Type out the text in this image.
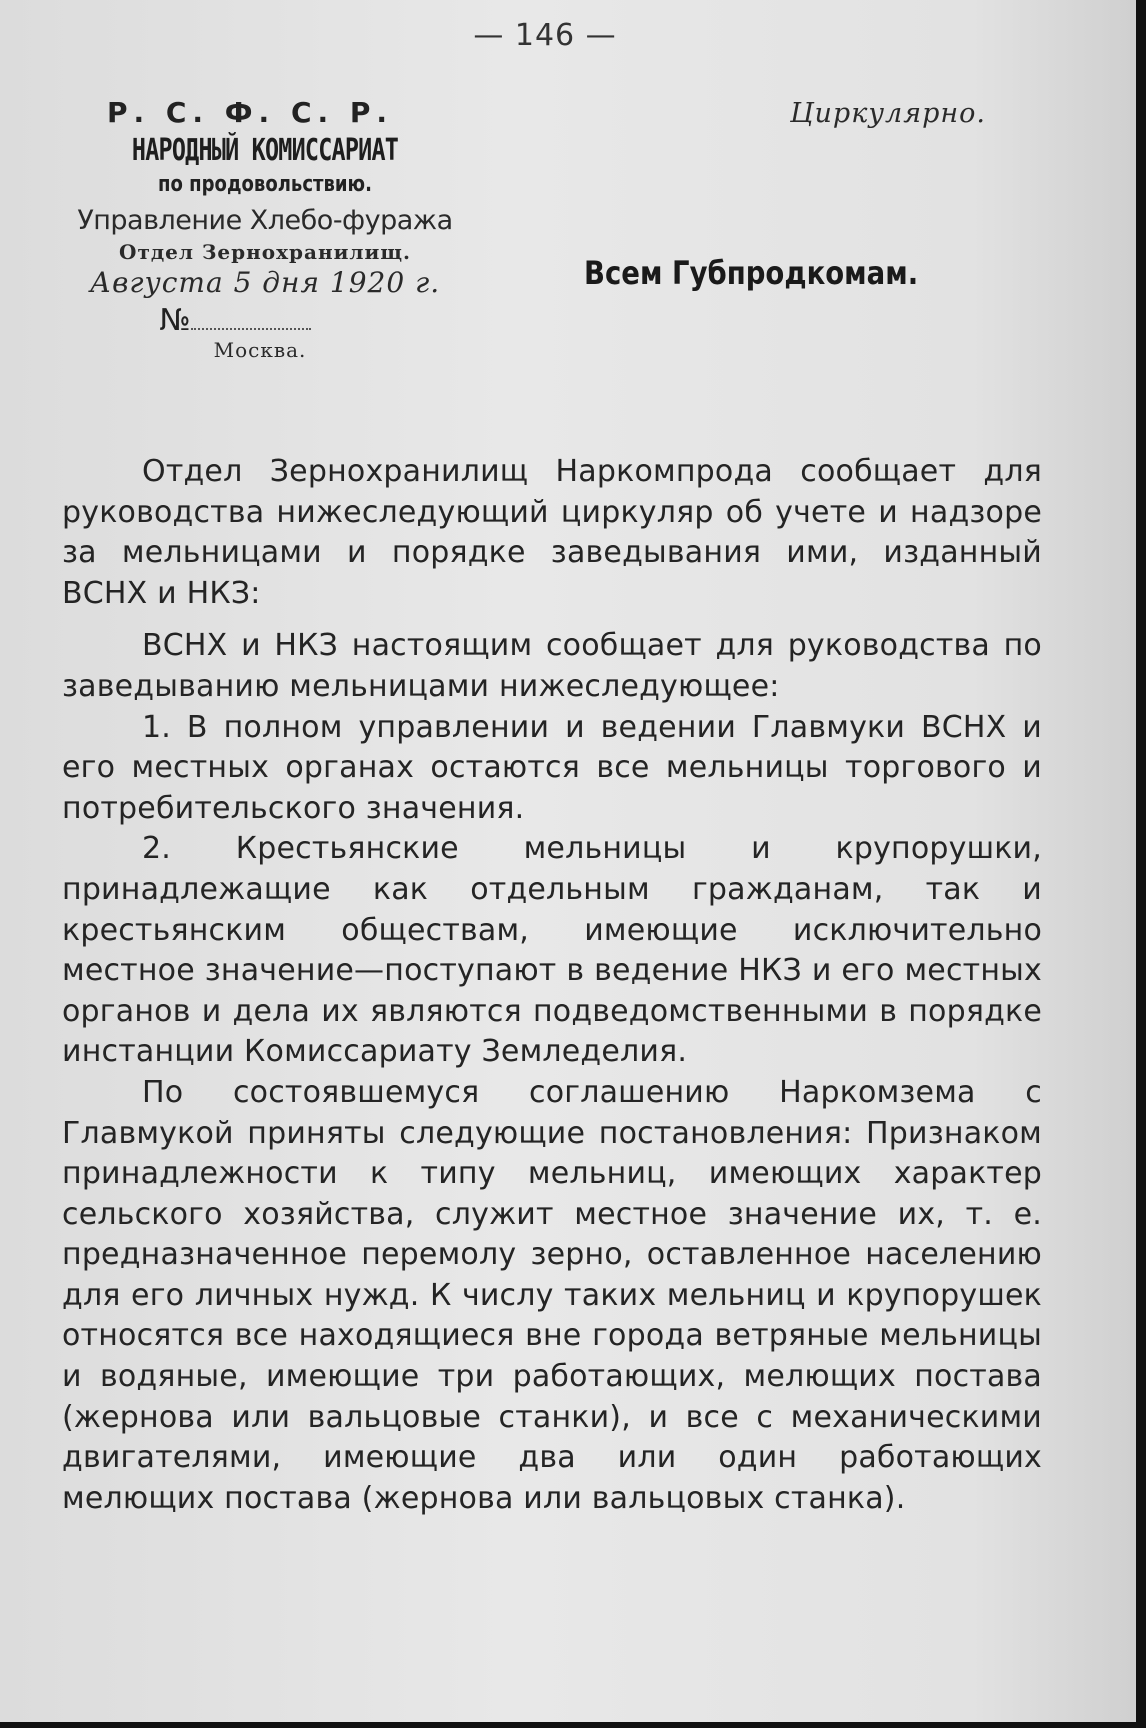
— 146 —
Р. С. Ф. С. Р.
НАРОДНЫЙ КОМИССАРИАТ
по продовольствию.
Управление Хлебо-фуража
Отдел Зернохранилищ.
Августа 5 дня 1920 г.
№
Москва.
Циркулярно.
Всем Губпродкомам.

Отдел Зернохранилищ Наркомпрода сообщает для руководства нижеследующий циркуляр об учете и надзоре за мельницами и порядке заведывания ими, изданный ВСНХ и НКЗ:

ВСНХ и НКЗ настоящим сообщает для руководства по заведыванию мельницами нижеследующее:

1. В полном управлении и ведении Главмуки ВСНХ и его местных органах остаются все мельницы торгового и потребительского значения.

2. Крестьянские мельницы и крупорушки, принадлежащие как отдельным гражданам, так и крестьянским обществам, имеющие исключительно местное значение—поступают в ведение НКЗ и его местных органов и дела их являются подведомственными в порядке инстанции Комиссариату Земледелия.

По состоявшемуся соглашению Наркомзема с Главмукой приняты следующие постановления: Признаком принадлежности к типу мельниц, имеющих характер сельского хозяйства, служит местное значение их, т. е. предназначенное перемолу зерно, оставленное населению для его личных нужд. К числу таких мельниц и крупорушек относятся все находящиеся вне города ветряные мельницы и водяные, имеющие три работающих, мелющих постава (жернова или вальцовые станки), и все с механическими двигателями, имеющие два или один работающих мелющих постава (жернова или вальцовых станка).
